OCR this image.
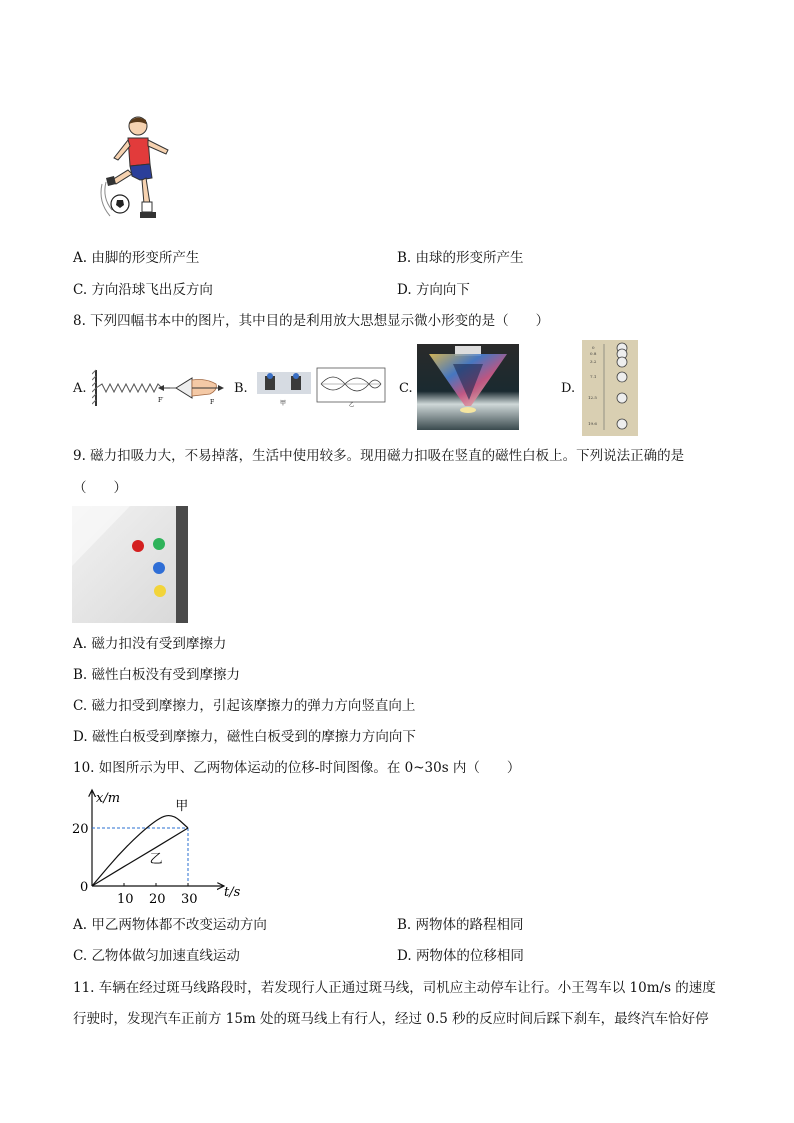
A. 由脚的形变所产生	B. 由球的形变所产生
C. 方向沿球飞出反方向	D. 方向向下
8. 下列四幅书本中的图片，其中目的是利用放大思想显示微小形变的是（　　）
A.
F′	F
B.
甲	乙
C.	D.
0
0.8
3.2
7.1
12.5
19.6
9. 磁力扣吸力大，不易掉落，生活中使用较多。现用磁力扣吸在竖直的磁性白板上。下列说法正确的是
（　　）
A. 磁力扣没有受到摩擦力
B. 磁性白板没有受到摩擦力
C. 磁力扣受到摩擦力，引起该摩擦力的弹力方向竖直向上
D. 磁性白板受到摩擦力，磁性白板受到的摩擦力方向向下
10. 如图所示为甲、乙两物体运动的位移-时间图像。在 0~30s 内（　　）
甲
乙
10 20 30
20
x/m
t/s
0
A. 甲乙两物体都不改变运动方向	B. 两物体的路程相同
C. 乙物体做匀加速直线运动	D. 两物体的位移相同
11. 车辆在经过斑马线路段时，若发现行人正通过斑马线，司机应主动停车让行。小王驾车以 10m/s 的速度
行驶时，发现汽车正前方 15m 处的斑马线上有行人，经过 0.5 秒的反应时间后踩下刹车，最终汽车恰好停
